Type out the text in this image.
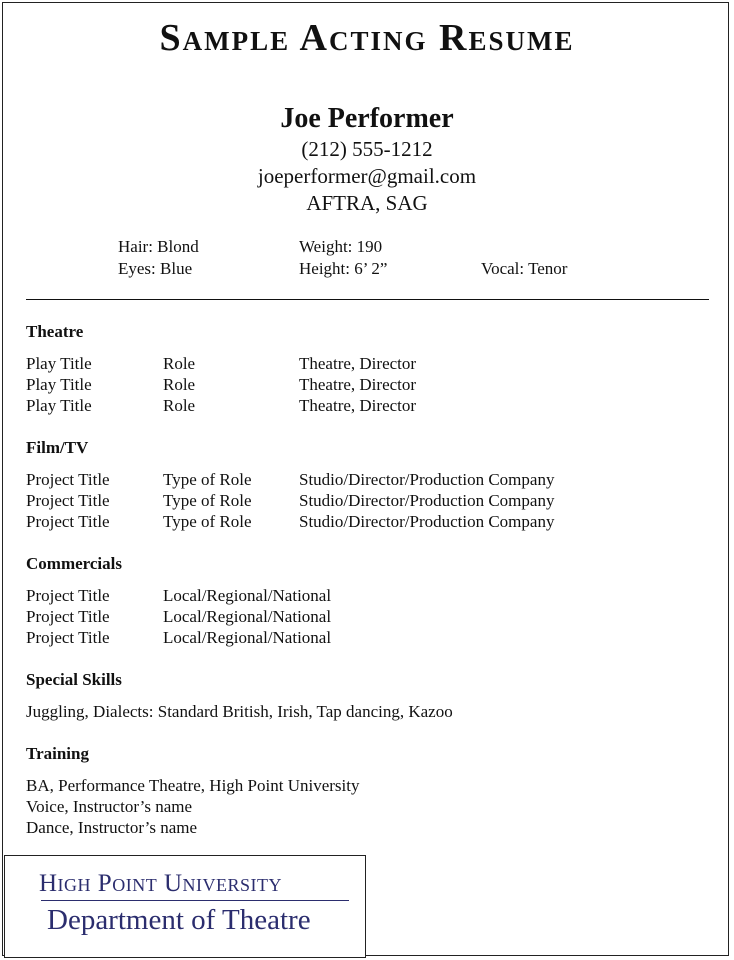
Sample Acting Resume
Joe Performer
(212) 555-1212
joeperformer@gmail.com
AFTRA, SAG
Hair: Blond	Weight: 190
Eyes: Blue	Height: 6’ 2”	Vocal: Tenor
Theatre
Play Title	Role	Theatre, Director
Play Title	Role	Theatre, Director
Play Title	Role	Theatre, Director
Film/TV
Project Title	Type of Role	Studio/Director/Production Company
Project Title	Type of Role	Studio/Director/Production Company
Project Title	Type of Role	Studio/Director/Production Company
Commercials
Project Title	Local/Regional/National
Project Title	Local/Regional/National
Project Title	Local/Regional/National
Special Skills
Juggling, Dialects: Standard British, Irish, Tap dancing, Kazoo
Training
BA, Performance Theatre, High Point University
Voice, Instructor’s name
Dance, Instructor’s name
High Point University
Department of Theatre
